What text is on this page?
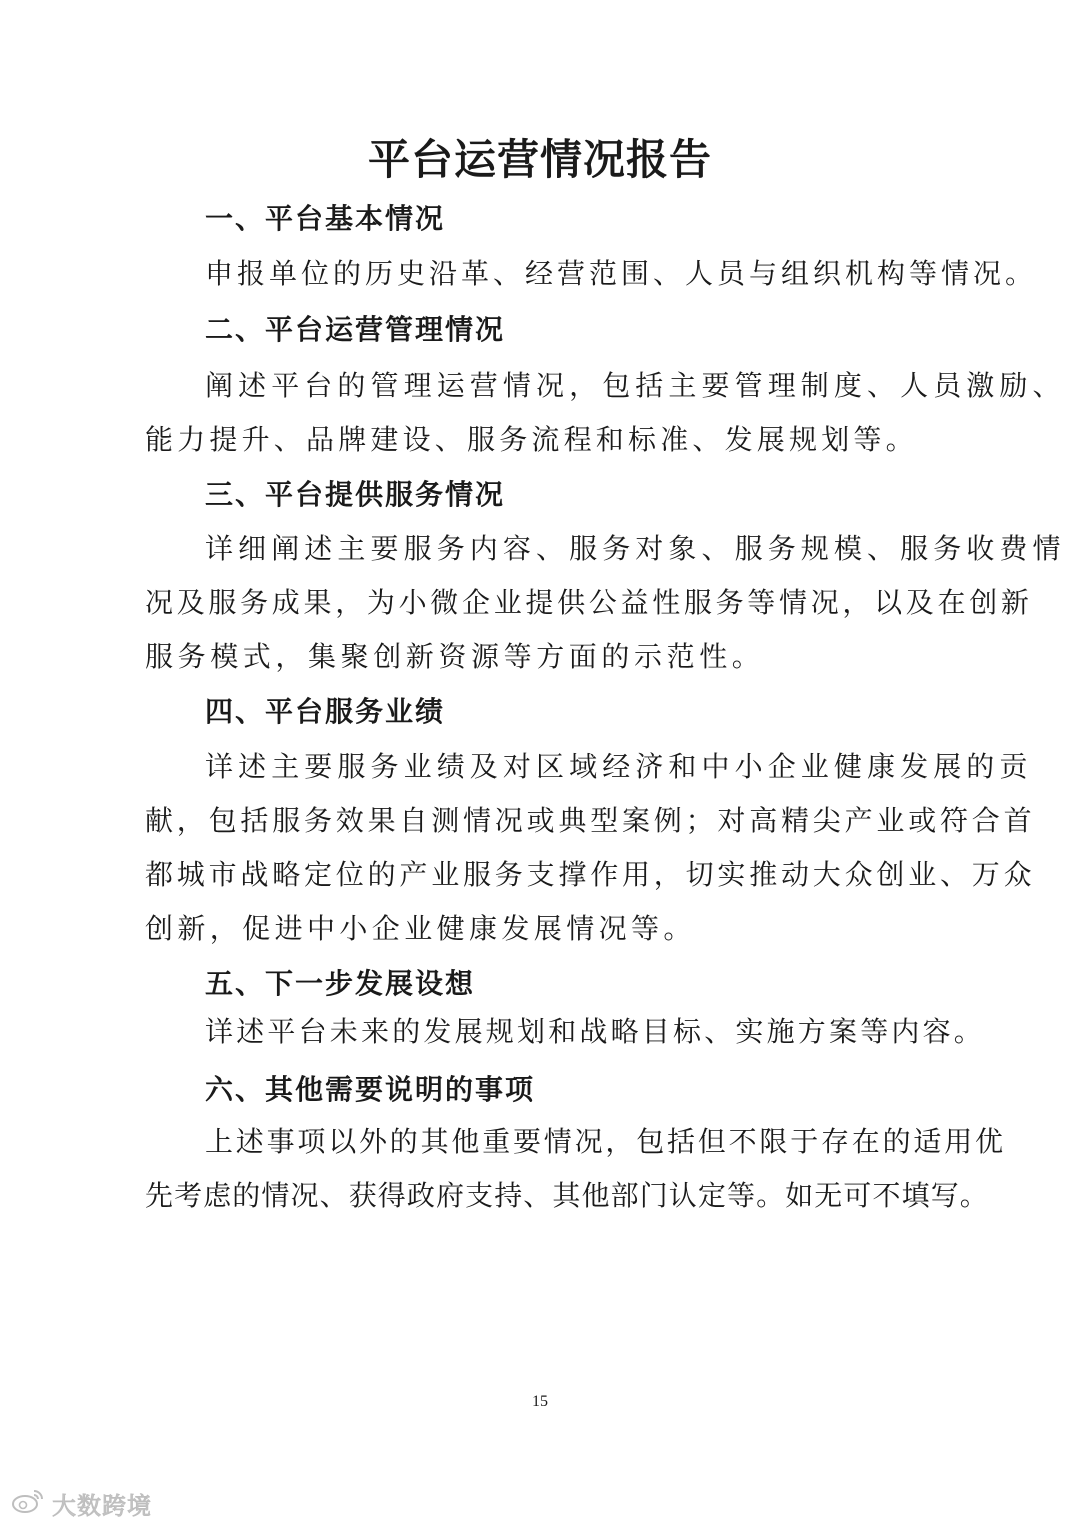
平台运营情况报告
一、平台基本情况
申报单位的历史沿革、经营范围、人员与组织机构等情况。
二、平台运营管理情况
阐述平台的管理运营情况，包括主要管理制度、人员激励、
能力提升、品牌建设、服务流程和标准、发展规划等。
三、平台提供服务情况
详细阐述主要服务内容、服务对象、服务规模、服务收费情
况及服务成果，为小微企业提供公益性服务等情况，以及在创新
服务模式，集聚创新资源等方面的示范性。
四、平台服务业绩
详述主要服务业绩及对区域经济和中小企业健康发展的贡
献，包括服务效果自测情况或典型案例；对高精尖产业或符合首
都城市战略定位的产业服务支撑作用，切实推动大众创业、万众
创新，促进中小企业健康发展情况等。
五、下一步发展设想
详述平台未来的发展规划和战略目标、实施方案等内容。
六、其他需要说明的事项
上述事项以外的其他重要情况，包括但不限于存在的适用优
先考虑的情况、获得政府支持、其他部门认定等。如无可不填写。
15
大数跨境
